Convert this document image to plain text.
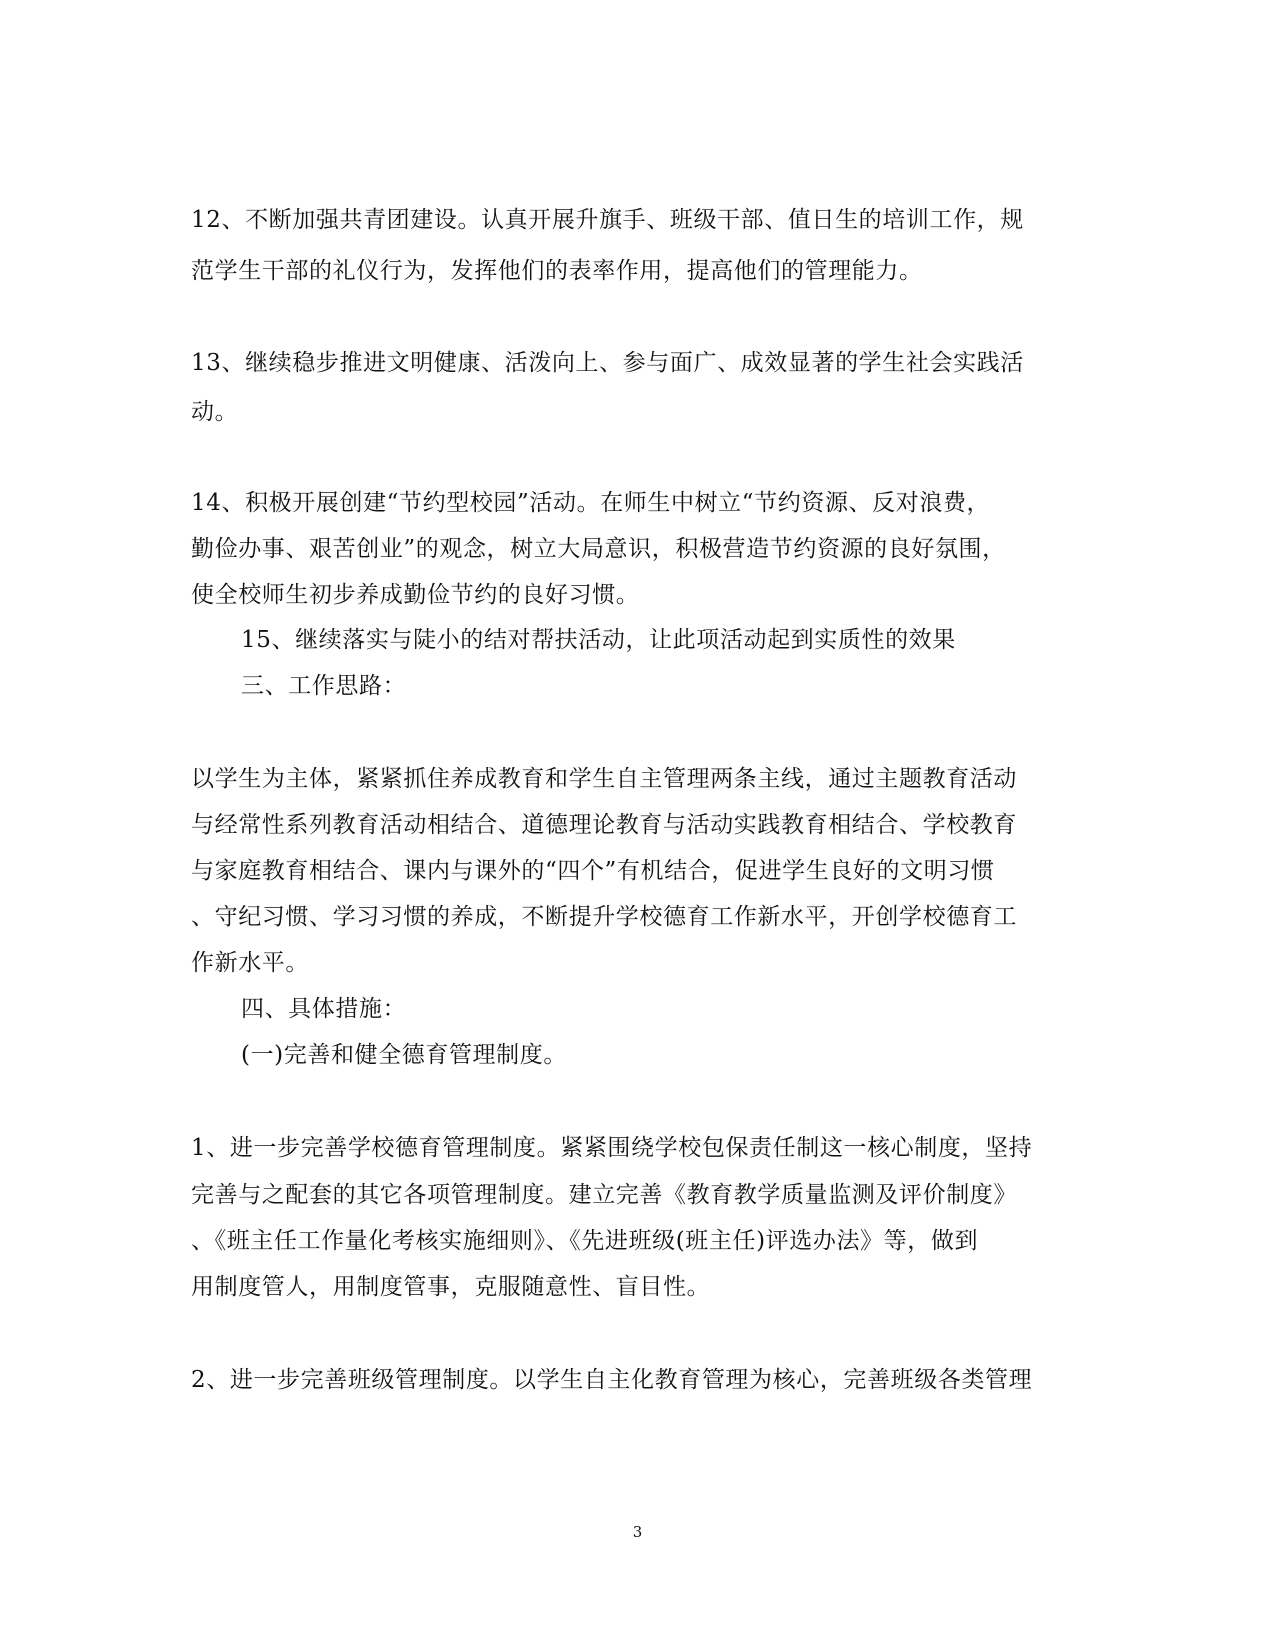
12、不断加强共青团建设。认真开展升旗手、班级干部、值日生的培训工作，规
范学生干部的礼仪行为，发挥他们的表率作用，提高他们的管理能力。
13、继续稳步推进文明健康、活泼向上、参与面广、成效显著的学生社会实践活
动。
14、积极开展创建“节约型校园”活动。在师生中树立“节约资源、反对浪费，
勤俭办事、艰苦创业”的观念，树立大局意识，积极营造节约资源的良好氛围，
使全校师生初步养成勤俭节约的良好习惯。
15、继续落实与陡小的结对帮扶活动，让此项活动起到实质性的效果
三、工作思路：
以学生为主体，紧紧抓住养成教育和学生自主管理两条主线，通过主题教育活动
与经常性系列教育活动相结合、道德理论教育与活动实践教育相结合、学校教育
与家庭教育相结合、课内与课外的“四个”有机结合，促进学生良好的文明习惯
、守纪习惯、学习习惯的养成，不断提升学校德育工作新水平，开创学校德育工
作新水平。
四、具体措施：
(一)完善和健全德育管理制度。
1、进一步完善学校德育管理制度。紧紧围绕学校包保责任制这一核心制度，坚持
完善与之配套的其它各项管理制度。建立完善《教育教学质量监测及评价制度》
、《班主任工作量化考核实施细则》、《先进班级(班主任)评选办法》等，做到
用制度管人，用制度管事，克服随意性、盲目性。
2、进一步完善班级管理制度。以学生自主化教育管理为核心，完善班级各类管理
3
